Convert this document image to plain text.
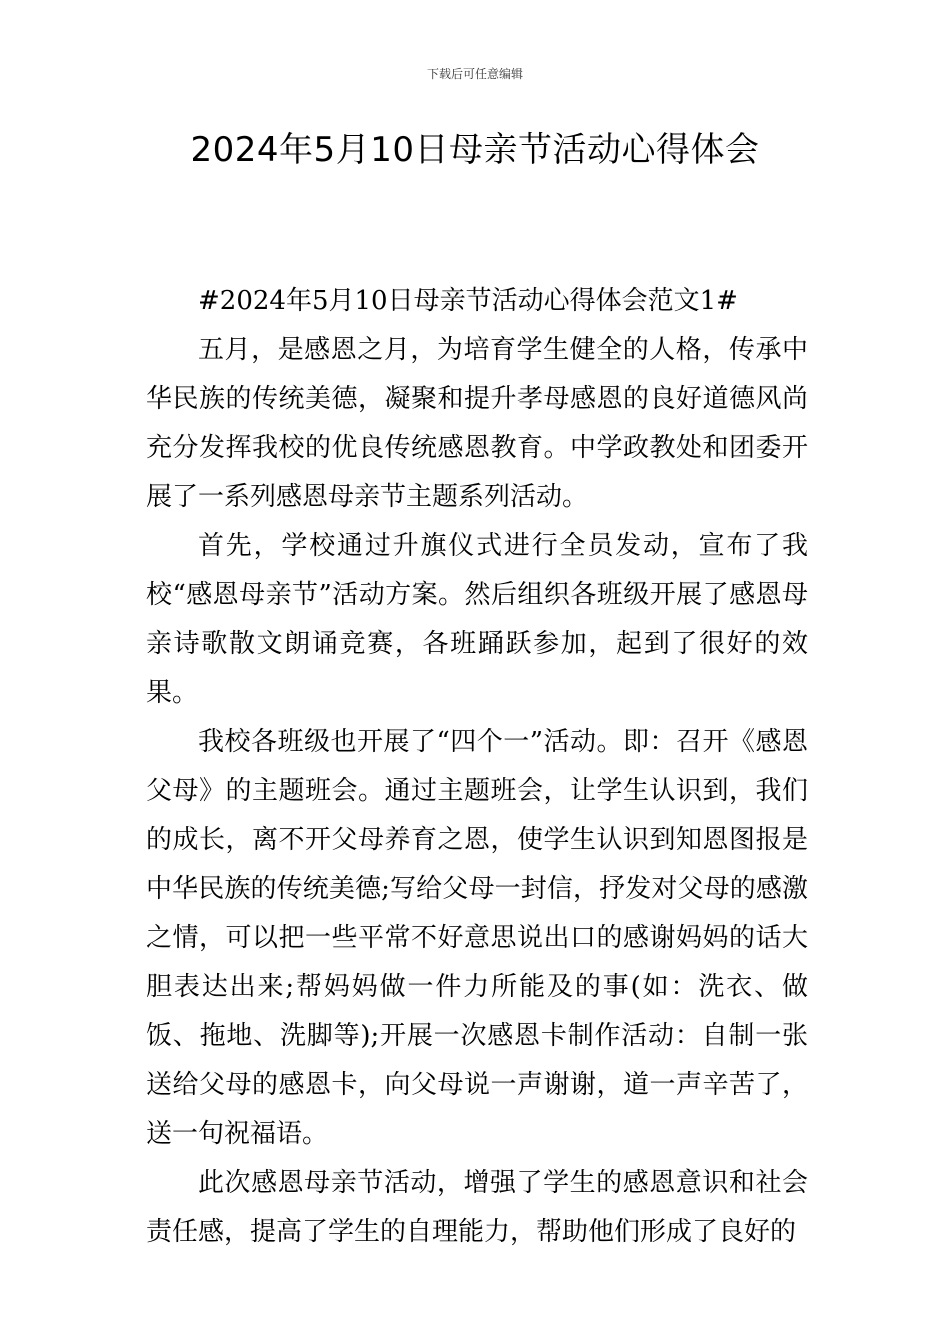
下载后可任意编辑
2024年5月10日母亲节活动心得体会

#2024年5月10日母亲节活动心得体会范文1#

五月，是感恩之月，为培育学生健全的人格，传承中华民族的传统美德，凝聚和提升孝母感恩的良好道德风尚充分发挥我校的优良传统感恩教育。中学政教处和团委开展了一系列感恩母亲节主题系列活动。

首先，学校通过升旗仪式进行全员发动，宣布了我校“感恩母亲节”活动方案。然后组织各班级开展了感恩母亲诗歌散文朗诵竞赛，各班踊跃参加，起到了很好的效果。

我校各班级也开展了“四个一”活动。即：召开《感恩父母》的主题班会。通过主题班会，让学生认识到，我们的成长，离不开父母养育之恩，使学生认识到知恩图报是中华民族的传统美德;写给父母一封信，抒发对父母的感激之情，可以把一些平常不好意思说出口的感谢妈妈的话大胆表达出来;帮妈妈做一件力所能及的事(如：洗衣、做饭、拖地、洗脚等);开展一次感恩卡制作活动：自制一张送给父母的感恩卡，向父母说一声谢谢，道一声辛苦了，送一句祝福语。

此次感恩母亲节活动，增强了学生的感恩意识和社会责任感，提高了学生的自理能力，帮助他们形成了良好的
